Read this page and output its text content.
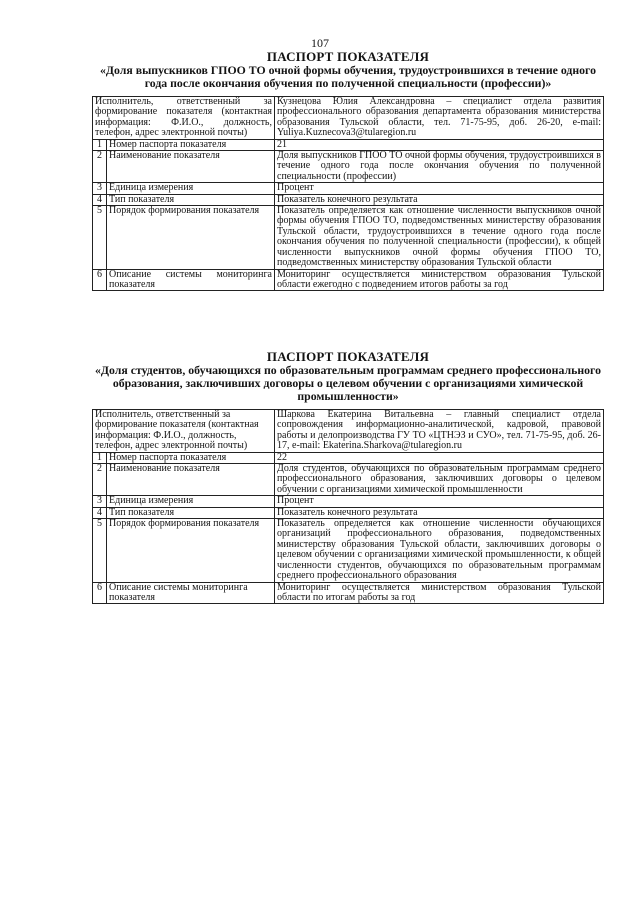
107
ПАСПОРТ ПОКАЗАТЕЛЯ
«Доля выпускников ГПОО ТО очной формы обучения, трудоустроившихся в течение одного года после окончания обучения по полученной специальности (профессии)»
Исполнитель, ответственный за формирование показателя (контактная информация: Ф.И.О., должность, телефон, адрес электронной почты)		Кузнецова Юлия Александровна – специалист отдела развития профессионального образования департамента образования министерства образования Тульской области, тел. 71-75-95, доб. 26-20, e-mail: Yuliya.Kuznecova3@tularegion.ru
1	Номер паспорта показателя	21
2	Наименование показателя	Доля выпускников ГПОО ТО очной формы обучения, трудоустроившихся в течение одного года после окончания обучения по полученной специальности (профессии)
3	Единица измерения	Процент
4	Тип показателя	Показатель конечного результата
5	Порядок формирования показателя	Показатель определяется как отношение численности выпускников очной формы обучения ГПОО ТО, подведомственных министерству образования Тульской области, трудоустроившихся в течение одного года после окончания обучения по полученной специальности (профессии), к общей численности выпускников очной формы обучения ГПОО ТО, подведомственных министерству образования Тульской области
6	Описание системы мониторинга показателя	Мониторинг осуществляется министерством образования Тульской области ежегодно с подведением итогов работы за год
ПАСПОРТ ПОКАЗАТЕЛЯ
«Доля студентов, обучающихся по образовательным программам среднего профессионального образования, заключивших договоры о целевом обучении с организациями химической промышленности»
Исполнитель, ответственный за формирование показателя (контактная информация: Ф.И.О., должность, телефон, адрес электронной почты)		Шаркова Екатерина Витальевна – главный специалист отдела сопровождения информационно-аналитической, кадровой, правовой работы и делопроизводства ГУ ТО «ЦТНЭЗ и СУО», тел. 71-75-95, доб. 26-17, e-mail: Ekaterina.Sharkova@tularegion.ru
1	Номер паспорта показателя	22
2	Наименование показателя	Доля студентов, обучающихся по образовательным программам среднего профессионального образования, заключивших договоры о целевом обучении с организациями химической промышленности
3	Единица измерения	Процент
4	Тип показателя	Показатель конечного результата
5	Порядок формирования показателя	Показатель определяется как отношение численности обучающихся организаций профессионального образования, подведомственных министерству образования Тульской области, заключивших договоры о целевом обучении с организациями химической промышленности, к общей численности студентов, обучающихся по образовательным программам среднего профессионального образования
6	Описание системы мониторинга показателя	Мониторинг осуществляется министерством образования Тульской области по итогам работы за год
